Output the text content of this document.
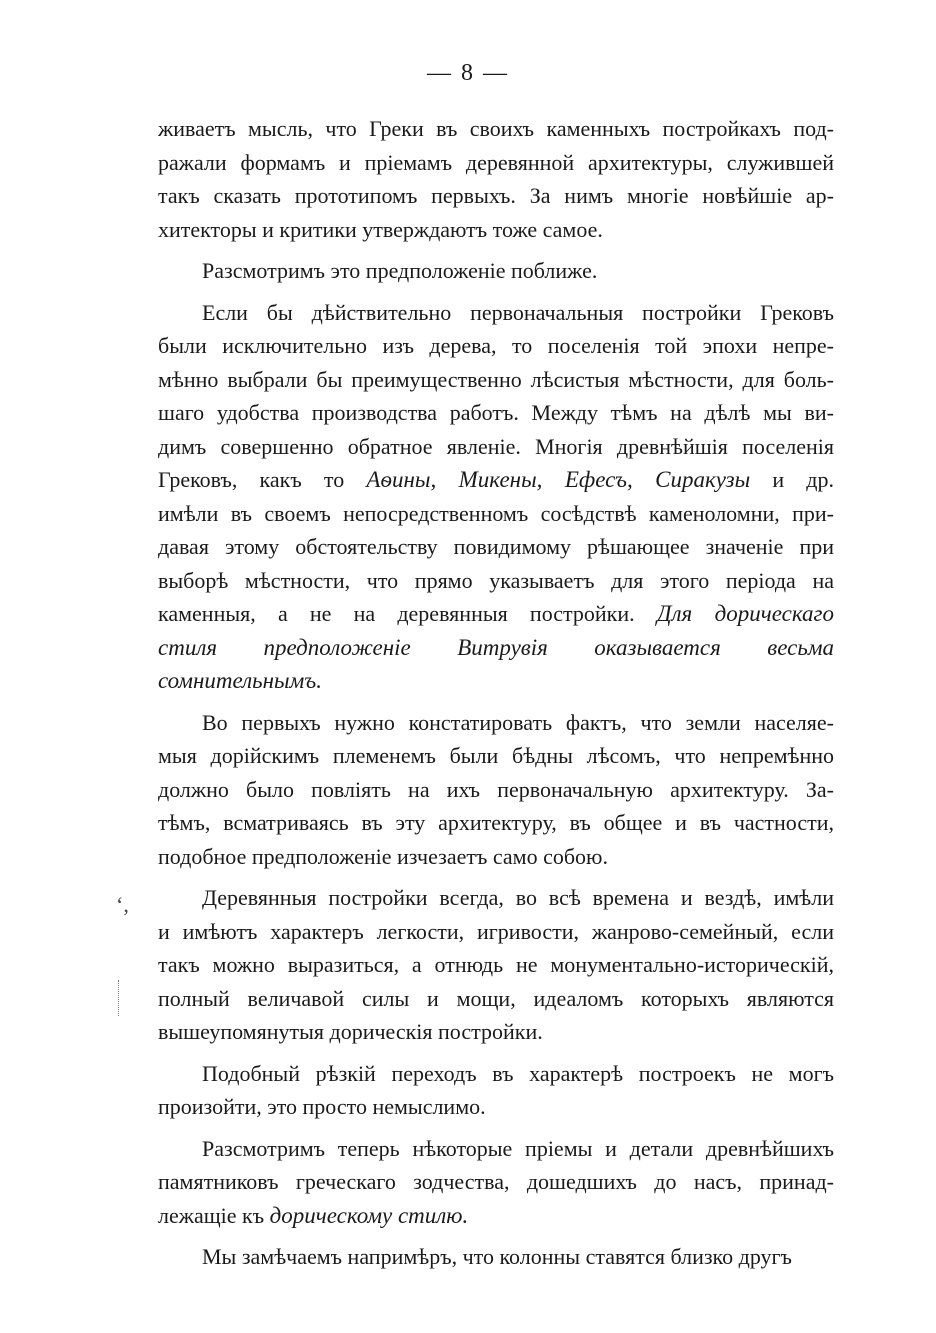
— 8 —
ʻ,
живаетъ мысль, что Греки въ своихъ каменныхъ постройкахъ под-
ражали формамъ и пріемамъ деревянной архитектуры, служившей
такъ сказать прототипомъ первыхъ. За нимъ многіе новѣйшіе ар-
хитекторы и критики утверждаютъ тоже самое.
Разсмотримъ это предположеніе поближе.
Если бы дѣйствительно первоначальныя постройки Грековъ
были исключительно изъ дерева, то поселенія той эпохи непре-
мѣнно выбрали бы преимущественно лѣсистыя мѣстности, для боль-
шаго удобства производства работъ. Между тѣмъ на дѣлѣ мы ви-
димъ совершенно обратное явленіе. Многія древнѣйшія поселенія
Грековъ, какъ то Аѳины, Микены, Ефесъ, Сиракузы и др.
имѣли въ своемъ непосредственномъ сосѣдствѣ каменоломни, при-
давая этому обстоятельству повидимому рѣшающее значеніе при
выборѣ мѣстности, что прямо указываетъ для этого періода на
каменныя, а не на деревянныя постройки. Для дорическаго
стиля предположеніе Витрувія оказывается весьма
сомнительнымъ.
Во первыхъ нужно констатировать фактъ, что земли населяе-
мыя дорійскимъ племенемъ были бѣдны лѣсомъ, что непремѣнно
должно было повліять на ихъ первоначальную архитектуру. За-
тѣмъ, всматриваясь въ эту архитектуру, въ общее и въ частности,
подобное предположеніе изчезаетъ само собою.
Деревянныя постройки всегда, во всѣ времена и вездѣ, имѣли
и имѣютъ характеръ легкости, игривости, жанрово-семейный, если
такъ можно выразиться, а отнюдь не монументально-историческій,
полный величавой силы и мощи, идеаломъ которыхъ являются
вышеупомянутыя дорическія постройки.
Подобный рѣзкій переходъ въ характерѣ построекъ не могъ
произойти, это просто немыслимо.
Разсмотримъ теперь нѣкоторые пріемы и детали древнѣйшихъ
памятниковъ греческаго зодчества, дошедшихъ до насъ, принад-
лежащіе къ дорическому стилю.
Мы замѣчаемъ напримѣръ, что колонны ставятся близко другъ
